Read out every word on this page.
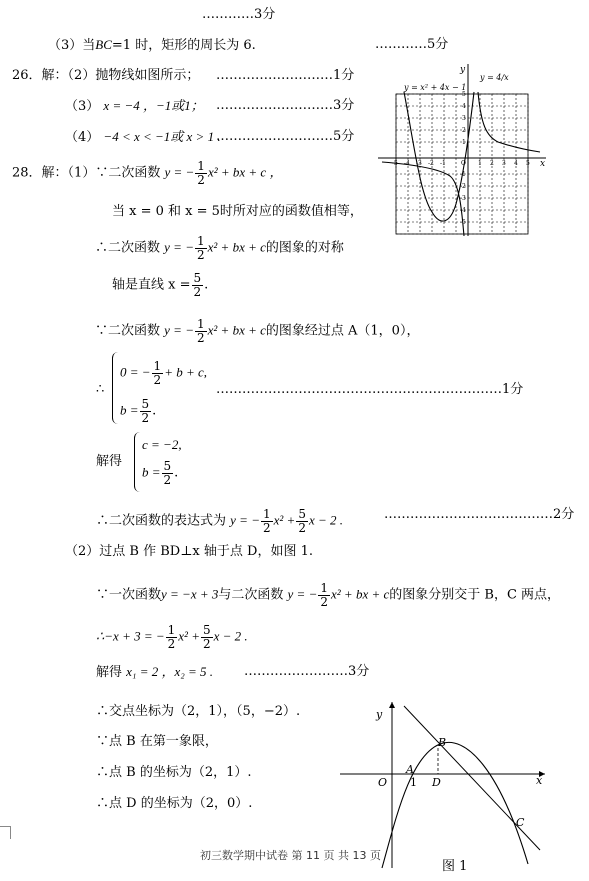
…………3分
（3）当BC=1 时，矩形的周长为 6.	…………5分
26．解：（2）抛物线如图所示； ………………………1分
（3） x = −4 ，−1或1； ………………………3分
（4） −4 < x < −1或 x > 1 .
………………………5分
y = x² + 4x − 1
y = 4/x
y
x
-5 -4 -3 -2 -1	O 1 2 3 4 5
5
4
3
2
1
-1
-2
-3
-4
-5
28．解：（1）∵二次函数 y = − $\frac{1}{2} x^2$ + bx + c ，
当 x = 0 和 x = 5时所对应的函数值相等，
∴二次函数 y = − $\frac{1}{2} x^2$ + bx + c的图象的对称
轴是直线 $x = \frac{5}{2}$ .
∵二次函数 y = − $\frac{1}{2} x^2$ + bx + c的图象经过点 A（1，0），
∴
0 = − $\frac{1}{2} + b + c$,
$b = \frac{5}{2}$ .
…………………………………………………………1分
解得
c = −2,
$b = \frac{5}{2}$ .
∴二次函数的表达式为 y = − $\frac{1}{2} x^2 + \frac{5}{2}$ x − 2 .	…………………………………2分
（2）过点 B 作 BD⊥x 轴于点 D，如图 1.
∵一次函数y = −x + 3与二次函数 y = − $\frac{1}{2} x^2$ + bx + c的图象分别交于 B，C 两点，
∴−x + 3 = − $\frac{1}{2} x^2 + \frac{5}{2}$ x − 2 .
解得 x₁ = 2 ，x₂ = 5 . ……………………3分
∴交点坐标为（2，1），（5，−2）.
∵点 B 在第一象限，
∴点 B 的坐标为（2，1）.
∴点 D 的坐标为（2，0）.
y
x
O
A
1 D
B
C
图 1
初三数学期中试卷 第 11 页 共 13 页
